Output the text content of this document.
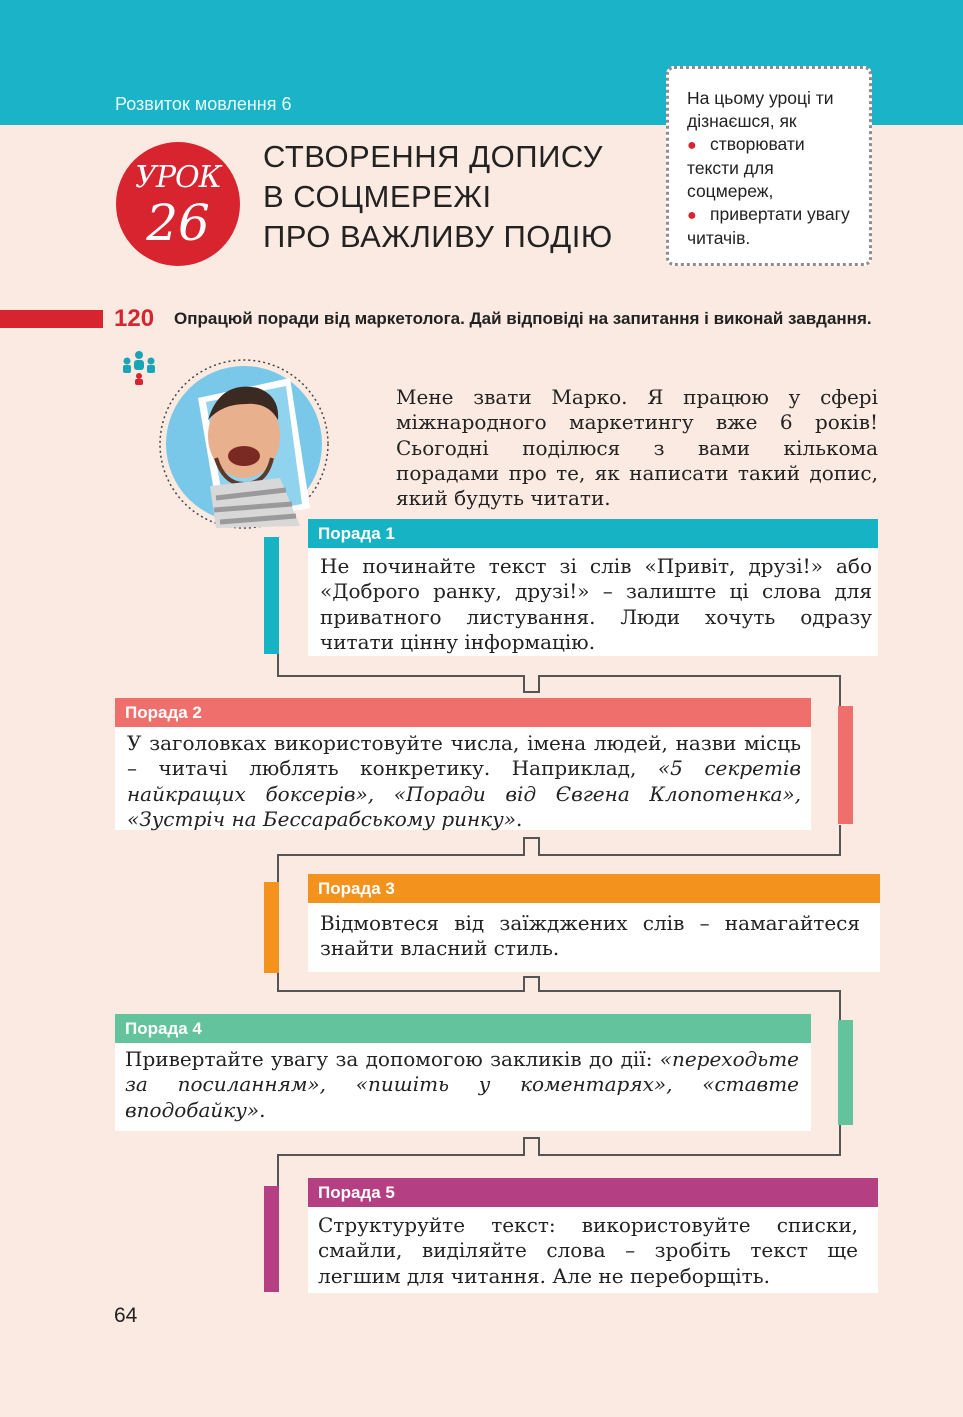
Розвиток мовлення 6
УРОК
26
СТВОРЕННЯ ДОПИСУ
В СОЦМЕРЕЖІ
ПРО ВАЖЛИВУ ПОДІЮ
На цьому уроці ти дізнаєшся, як
●   створювати тексти для соцмереж,
●   привертати увагу читачів.
120 Опрацюй поради від маркетолога. Дай відповіді на запитання і виконай завдання.
Мене звати Марко. Я працюю у сфері міжнародного маркетингу вже 6 років! Сьогодні поділюся з вами кількома порадами про те, як написати такий допис, який будуть читати.
Порада 1
Не починайте текст зі слів «Привіт, друзі!» або «Доброго ранку, друзі!» – залиште ці слова для приватного листування. Люди хочуть одразу читати цінну інформацію.
Порада 2
У заголовках використовуйте числа, імена людей, назви місць – читачі люблять конкретику. Наприклад, «5 секретів найкращих боксерів», «Поради від Євгена Клопотенка», «Зустріч на Бессарабському ринку».
Порада 3
Відмовтеся від заїжджених слів – намагайтеся знайти власний стиль.
Порада 4
Привертайте увагу за допомогою закликів до дії: «переходьте за посиланням», «пишіть у коментарях», «ставте вподобайку».
Порада 5
Структуруйте текст: використовуйте списки, смайли, виділяйте слова – зробіть текст ще легшим для читання. Але не перeборщіть.
64
